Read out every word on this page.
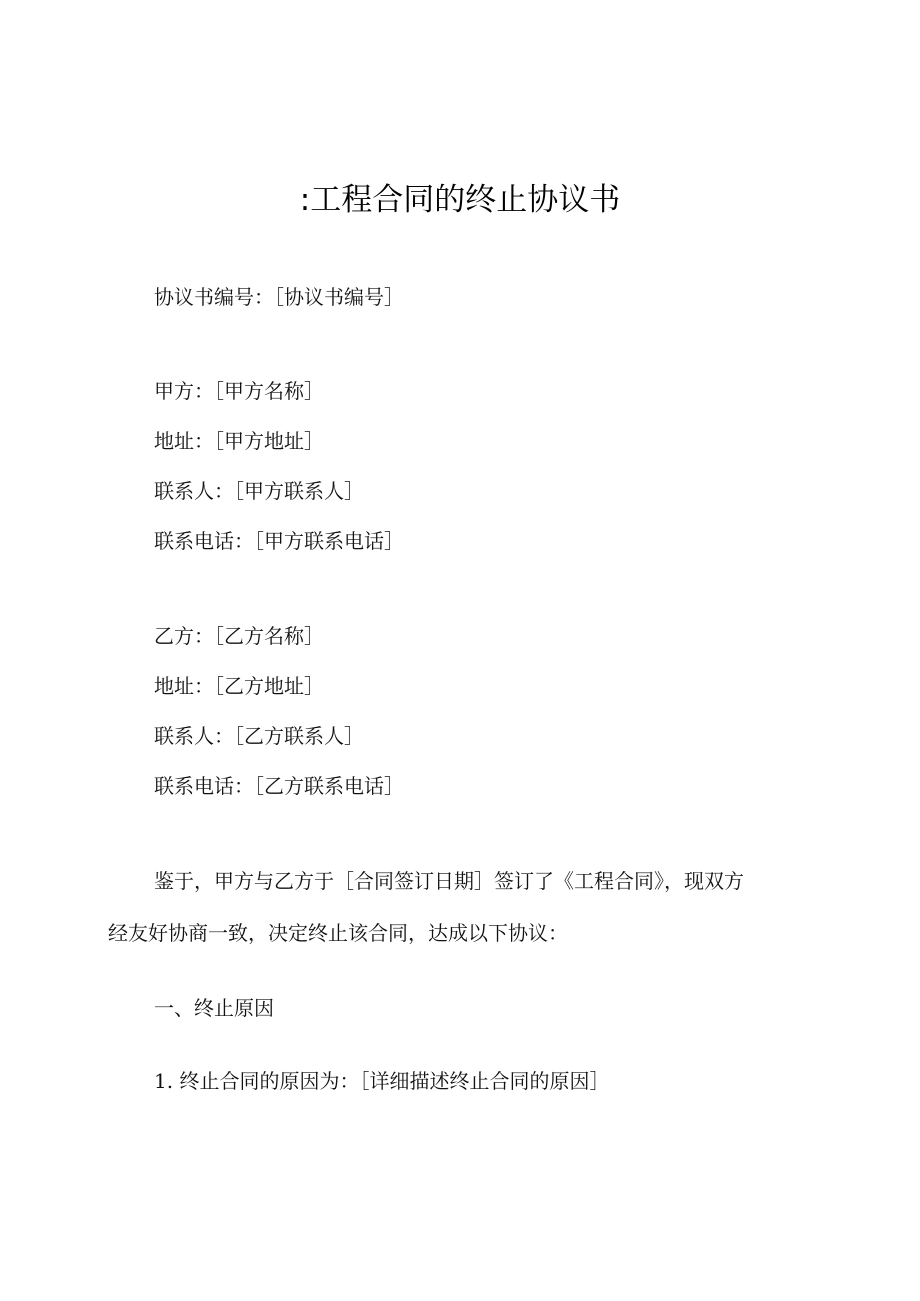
:工程合同的终止协议书
协议书编号：［协议书编号］
甲方：［甲方名称］
地址：［甲方地址］
联系人：［甲方联系人］
联系电话：［甲方联系电话］
乙方：［乙方名称］
地址：［乙方地址］
联系人：［乙方联系人］
联系电话：［乙方联系电话］
鉴于，甲方与乙方于［合同签订日期］签订了《工程合同》，现双方
经友好协商一致，决定终止该合同，达成以下协议：
一、终止原因
1. 终止合同的原因为：［详细描述终止合同的原因］
